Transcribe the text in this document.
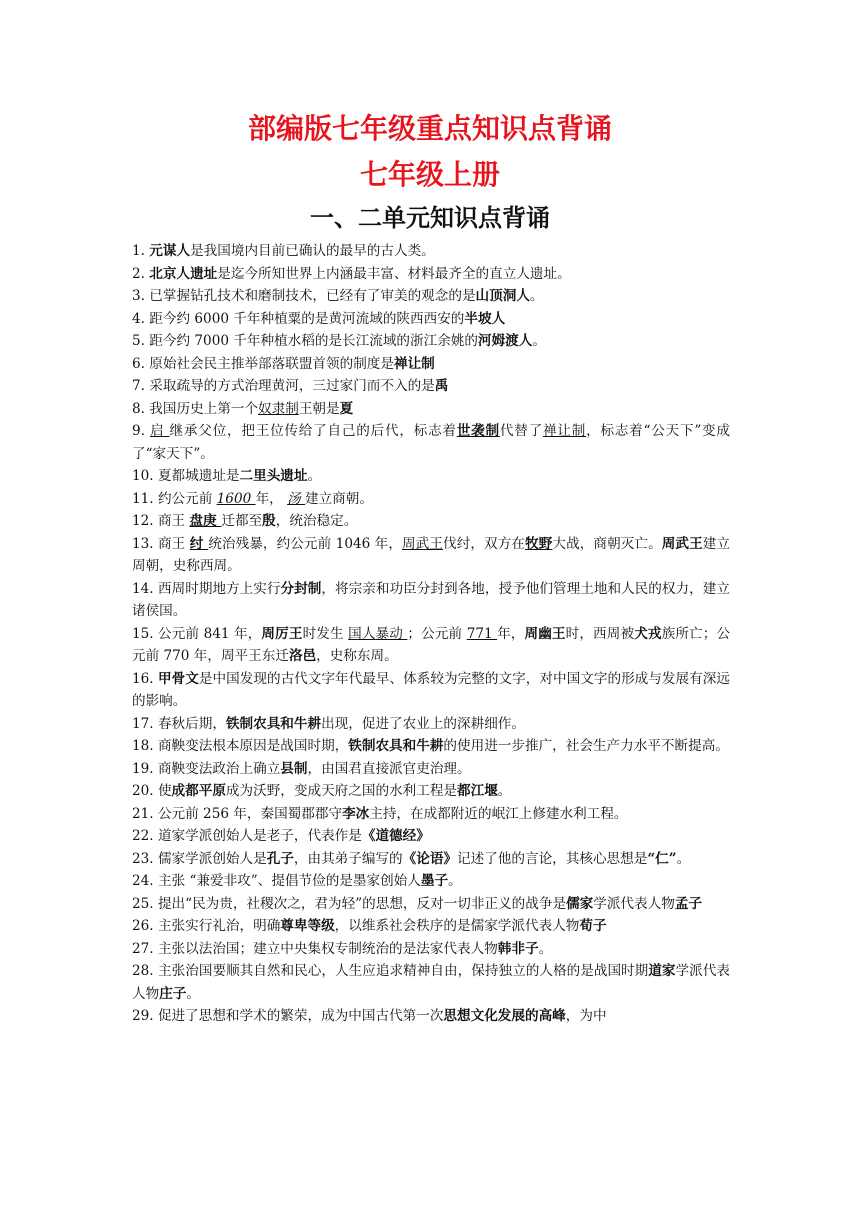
部编版七年级重点知识点背诵
七年级上册
一、二单元知识点背诵
1. 元谋人是我国境内目前已确认的最早的古人类。
2. 北京人遗址是迄今所知世界上内涵最丰富、材料最齐全的直立人遗址。
3. 已掌握钻孔技术和磨制技术，已经有了审美的观念的是山顶洞人。
4. 距今约 6000 千年种植粟的是黄河流域的陕西西安的半坡人
5. 距今约 7000 千年种植水稻的是长江流域的浙江余姚的河姆渡人。
6. 原始社会民主推举部落联盟首领的制度是禅让制
7. 采取疏导的方式治理黄河，三过家门而不入的是禹
8. 我国历史上第一个奴隶制王朝是夏
9. 启 继承父位，把王位传给了自己的后代，标志着世袭制代替了禅让制，标志着“公天下”变成了“家天下”。
10. 夏都城遗址是二里头遗址。
11. 约公元前 1600 年， 汤 建立商朝。
12. 商王 盘庚 迁都至殷，统治稳定。
13. 商王 纣 统治残暴，约公元前 1046 年，周武王伐纣，双方在牧野大战，商朝灭亡。周武王建立周朝，史称西周。
14. 西周时期地方上实行分封制，将宗亲和功臣分封到各地，授予他们管理土地和人民的权力，建立诸侯国。
15. 公元前 841 年，周厉王时发生 国人暴动 ；公元前 771 年，周幽王时，西周被犬戎族所亡；公元前 770 年，周平王东迁洛邑，史称东周。
16. 甲骨文是中国发现的古代文字年代最早、体系较为完整的文字，对中国文字的形成与发展有深远的影响。
17. 春秋后期，铁制农具和牛耕出现，促进了农业上的深耕细作。
18. 商鞅变法根本原因是战国时期，铁制农具和牛耕的使用进一步推广，社会生产力水平不断提高。
19. 商鞅变法政治上确立县制，由国君直接派官吏治理。
20. 使成都平原成为沃野，变成天府之国的水利工程是都江堰。
21. 公元前 256 年，秦国蜀郡郡守李冰主持，在成都附近的岷江上修建水利工程。
22. 道家学派创始人是老子，代表作是《道德经》
23. 儒家学派创始人是孔子，由其弟子编写的《论语》记述了他的言论，其核心思想是“仁”。
24. 主张 “兼爱非攻”、提倡节俭的是墨家创始人墨子。
25. 提出“民为贵，社稷次之，君为轻”的思想，反对一切非正义的战争是儒家学派代表人物孟子
26. 主张实行礼治，明确尊卑等级，以维系社会秩序的是儒家学派代表人物荀子
27. 主张以法治国；建立中央集权专制统治的是法家代表人物韩非子。
28. 主张治国要顺其自然和民心，人生应追求精神自由，保持独立的人格的是战国时期道家学派代表人物庄子。
29. 促进了思想和学术的繁荣，成为中国古代第一次思想文化发展的高峰，为中
